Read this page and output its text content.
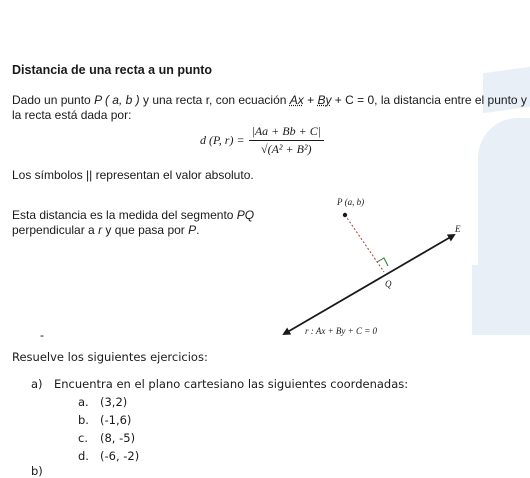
Distancia de una recta a un punto
Dado un punto P ( a, b ) y una recta r, con ecuación Ax + By + C = 0, la distancia entre el punto y
la recta está dada por:
d (P, $r) = \frac{|Aa + Bb + C|}{\text{√(A² + B²)}}$
Los símbolos || representan el valor absoluto.
Esta distancia es la medida del segmento PQ
perpendicular a r y que pasa por P.
P (a, b)
Q
E
r : Ax + By + C = 0
-
Resuelve los siguientes ejercicios:
a) Encuentra en el plano cartesiano las siguientes coordenadas:
a. (3,2)
b. (-1,6)
c. (8, -5)
d. (-6, -2)
b)
